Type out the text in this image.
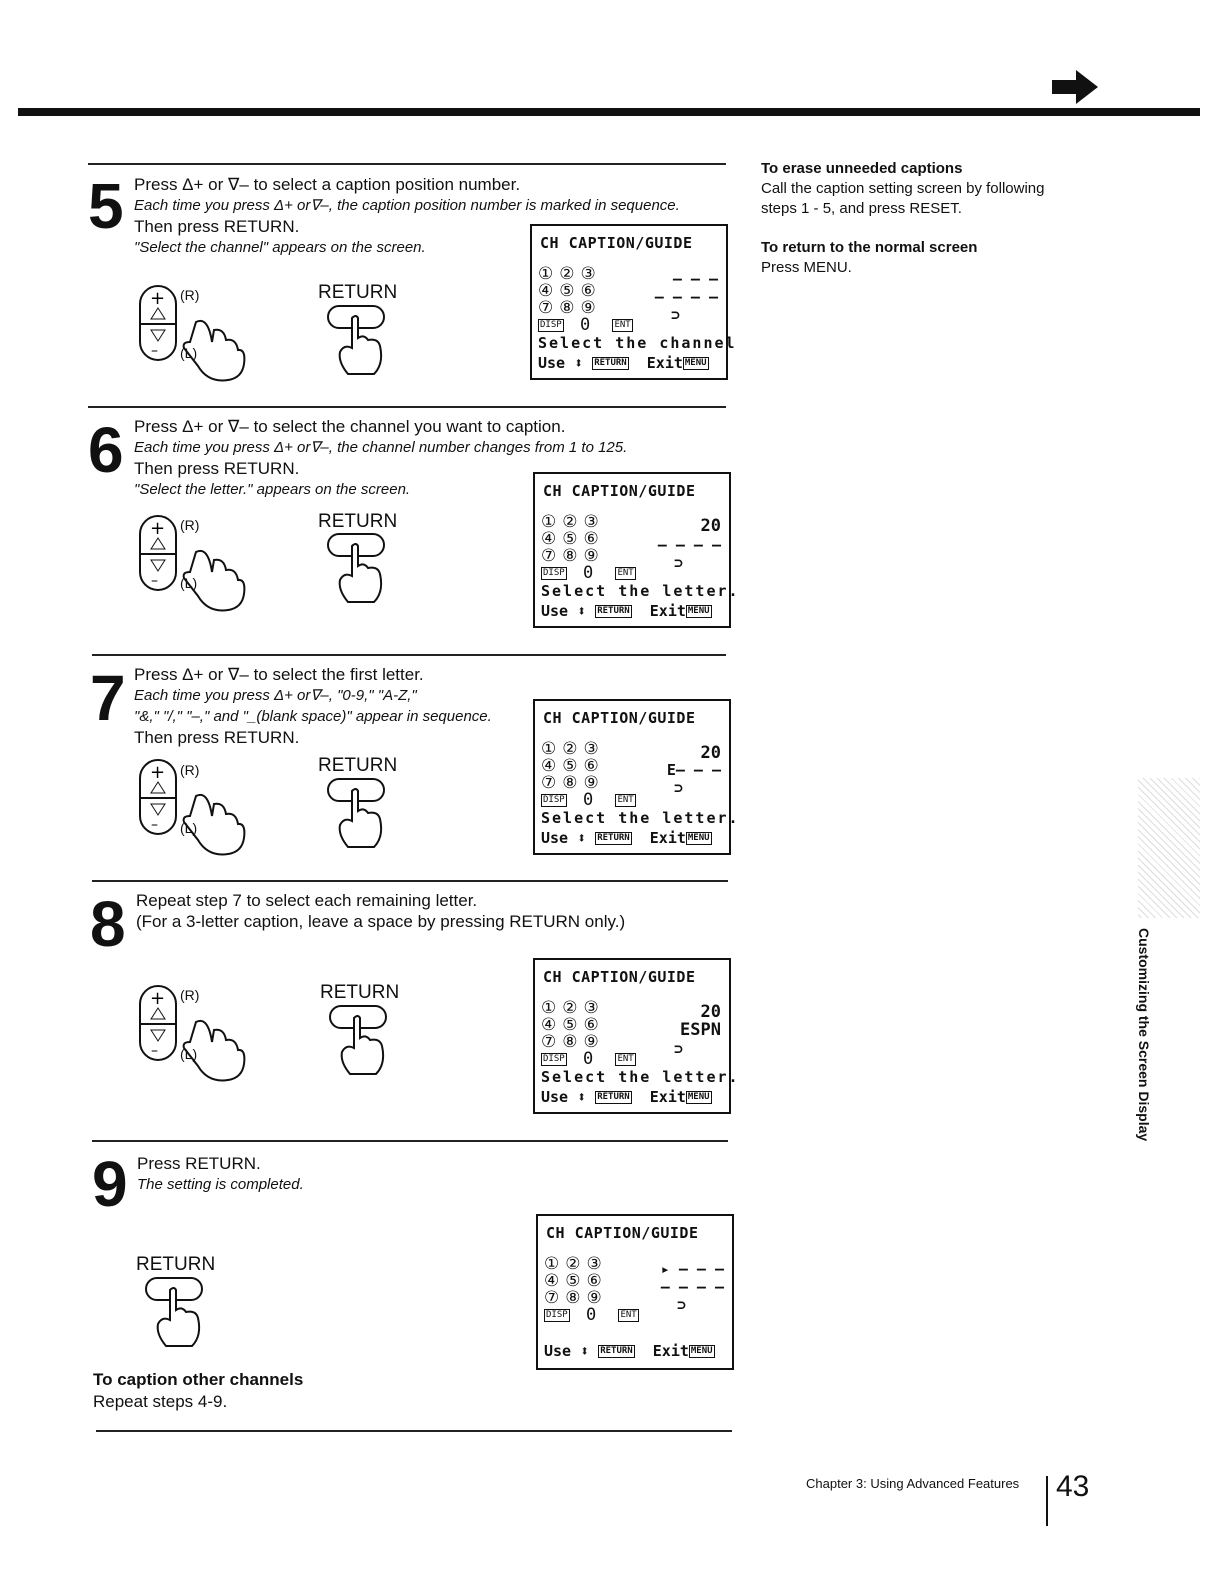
5 Press Δ+ or ∇– to select a caption position number.
Each time you press Δ+ or∇–, the caption position number is marked in sequence.
Then press RETURN.
"Select the channel" appears on the screen.
+
–
(R)
(L)
RETURN
CH CAPTION/GUIDE
①②③
④⑤⑥
⑦⑧⑨
DISP 0 ENT
– – –
– – – –
⊃
Select the channel
Use ⬍ RETURN Exit MENU
6 Press Δ+ or ∇– to select the channel you want to caption.
Each time you press Δ+ or∇–, the channel number changes from 1 to 125.
Then press RETURN.
"Select the letter." appears on the screen.
+
–
(R)
(L)
RETURN
CH CAPTION/GUIDE
①②③
④⑤⑥
⑦⑧⑨
DISP 0 ENT
20
– – – –
⊃
Select the letter.
Use ⬍ RETURN Exit MENU
7 Press Δ+ or ∇– to select the first letter.
Each time you press Δ+ or∇–, "0-9," "A-Z,"
"&," "/," "–," and "_(blank space)" appear in sequence.
Then press RETURN.
+
–
(R)
(L)
RETURN
CH CAPTION/GUIDE
①②③
④⑤⑥
⑦⑧⑨
DISP 0 ENT
20
E– – –
⊃
Select the letter.
Use ⬍ RETURN Exit MENU
8 Repeat step 7 to select each remaining letter.
(For a 3-letter caption, leave a space by pressing RETURN only.)
+
–
(R)
(L)
RETURN
CH CAPTION/GUIDE
①②③
④⑤⑥
⑦⑧⑨
DISP 0 ENT
20
ESPN
⊃
Select the letter.
Use ⬍ RETURN Exit MENU
9 Press RETURN.
The setting is completed.
RETURN
CH CAPTION/GUIDE
①②③
④⑤⑥
⑦⑧⑨
DISP 0 ENT
▸ – – –
– – – –
⊃
Use ⬍ RETURN Exit MENU
To caption other channels
Repeat steps 4-9.
To erase unneeded captions

Call the caption setting screen by following
steps 1 - 5, and press RESET.

To return to the normal screen

Press MENU.

Customizing the Screen Display
Chapter 3: Using Advanced Features 43
